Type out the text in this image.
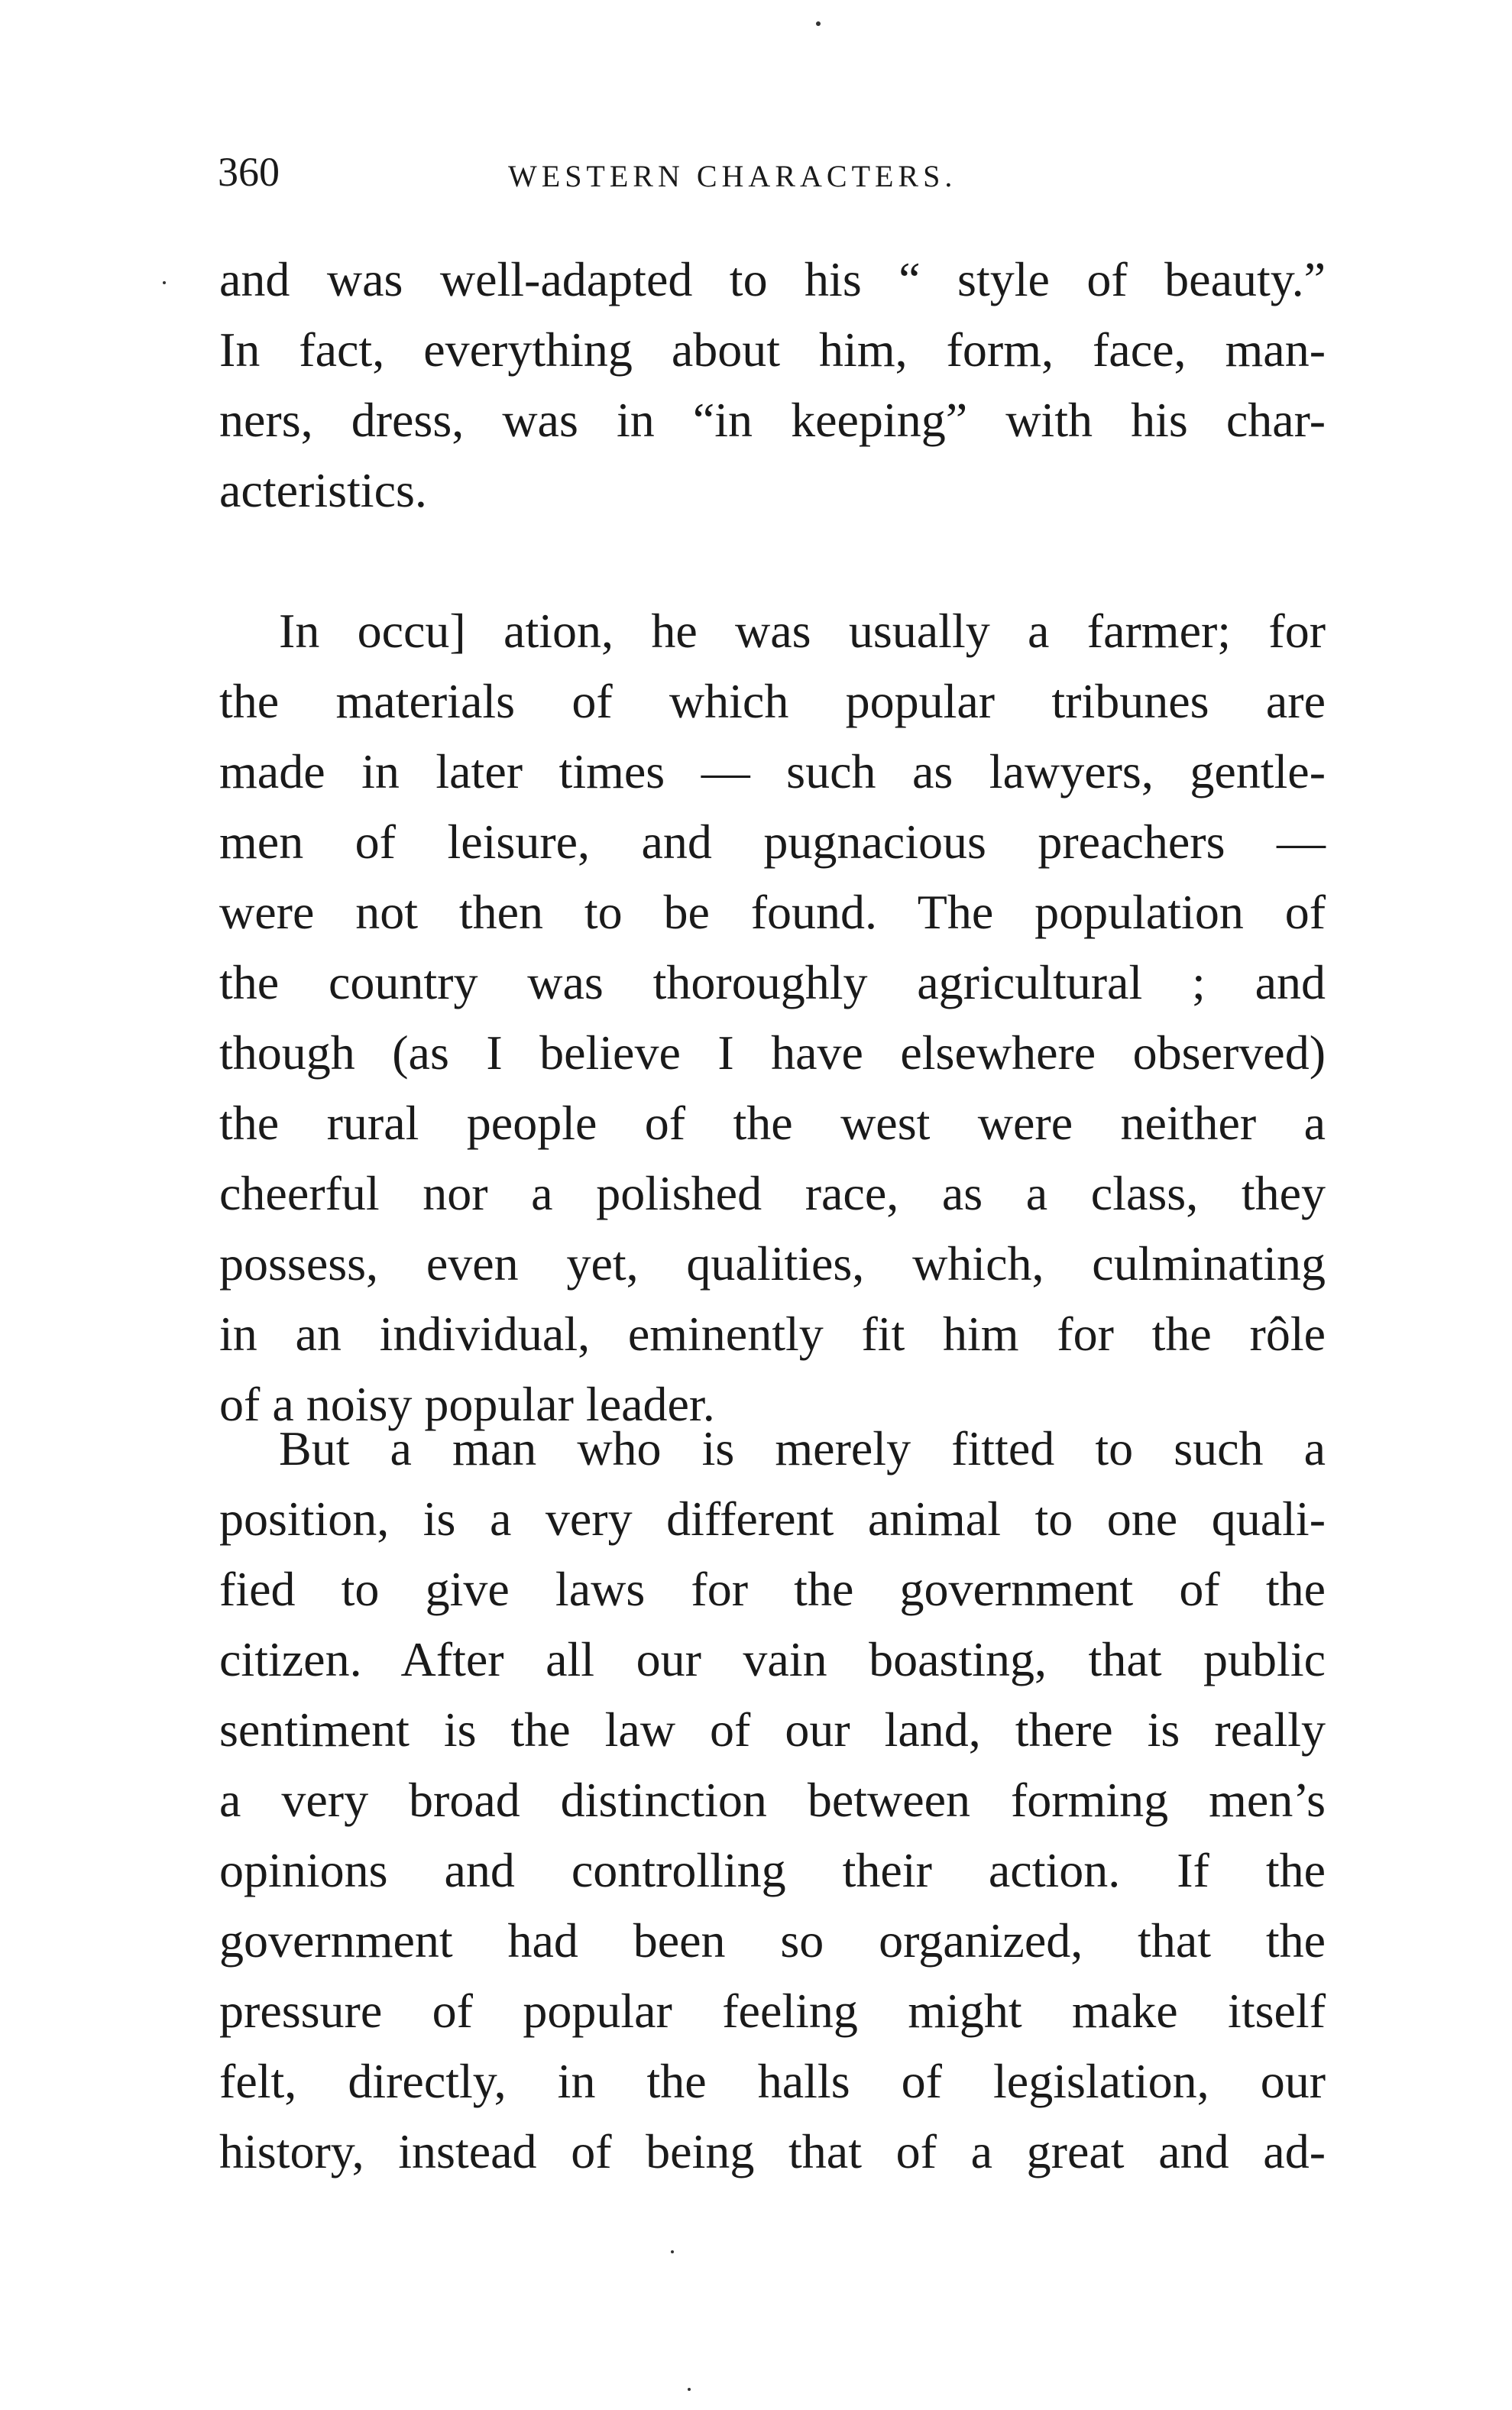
360	WESTERN CHARACTERS.
and was well-adapted to his “ style of beauty.”
In fact, everything about him, form, face, man-
ners, dress, was in “in keeping” with his char-
acteristics.
In occu] ation, he was usually a farmer; for
the materials of which popular tribunes are
made in later times — such as lawyers, gentle-
men of leisure, and pugnacious preachers —
were not then to be found. The population of
the country was thoroughly agricultural ; and
though (as I believe I have elsewhere observed)
the rural people of the west were neither a
cheerful nor a polished race, as a class, they
possess, even yet, qualities, which, culminating
in an individual, eminently fit him for the rôle
of a noisy popular leader.
But a man who is merely fitted to such a
position, is a very different animal to one quali-
fied to give laws for the government of the
citizen. After all our vain boasting, that public
sentiment is the law of our land, there is really
a very broad distinction between forming men’s
opinions and controlling their action. If the
government had been so organized, that the
pressure of popular feeling might make itself
felt, directly, in the halls of legislation, our
history, instead of being that of a great and ad-
